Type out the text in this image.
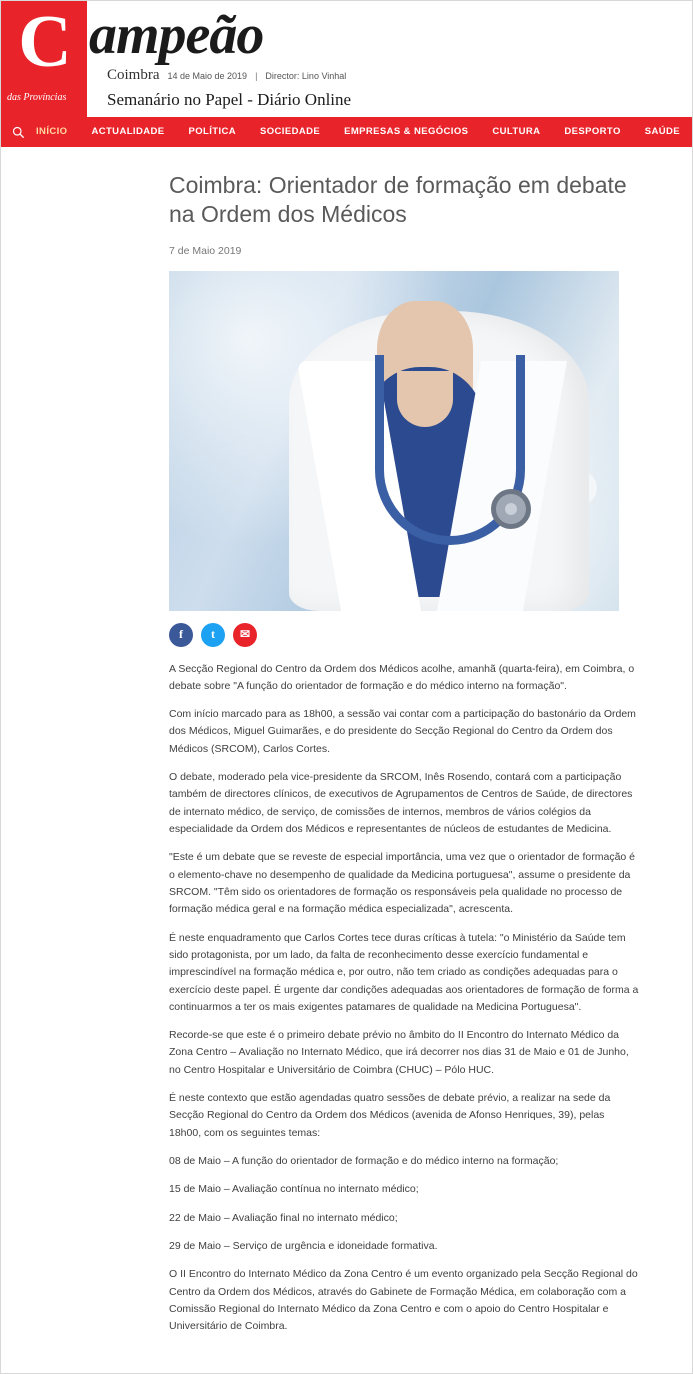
C
das Províncias
ampeão
Coimbra 14 de Maio de 2019 | Director: Lino Vinhal
Semanário no Papel - Diário Online
INÍCIO	ACTUALIDADE	POLÍTICA	SOCIEDADE	EMPRESAS & NEGÓCIOS	CULTURA	DESPORTO	SAÚDE
Coimbra: Orientador de formação em debate na Ordem dos Médicos
7 de Maio 2019
f	t	✉

A Secção Regional do Centro da Ordem dos Médicos acolhe, amanhã (quarta-feira), em Coimbra, o debate sobre "A função do orientador de formação e do médico interno na formação".

Com início marcado para as 18h00, a sessão vai contar com a participação do bastonário da Ordem dos Médicos, Miguel Guimarães, e do presidente do Secção Regional do Centro da Ordem dos Médicos (SRCOM), Carlos Cortes.

O debate, moderado pela vice-presidente da SRCOM, Inês Rosendo, contará com a participação também de directores clínicos, de executivos de Agrupamentos de Centros de Saúde, de directores de internato médico, de serviço, de comissões de internos, membros de vários colégios da especialidade da Ordem dos Médicos e representantes de núcleos de estudantes de Medicina.

"Este é um debate que se reveste de especial importância, uma vez que o orientador de formação é o elemento-chave no desempenho de qualidade da Medicina portuguesa", assume o presidente da SRCOM. "Têm sido os orientadores de formação os responsáveis pela qualidade no processo de formação médica geral e na formação médica especializada", acrescenta.

É neste enquadramento que Carlos Cortes tece duras críticas à tutela: "o Ministério da Saúde tem sido protagonista, por um lado, da falta de reconhecimento desse exercício fundamental e imprescindível na formação médica e, por outro, não tem criado as condições adequadas para o exercício deste papel. É urgente dar condições adequadas aos orientadores de formação de forma a continuarmos a ter os mais exigentes patamares de qualidade na Medicina Portuguesa".

Recorde-se que este é o primeiro debate prévio no âmbito do II Encontro do Internato Médico da Zona Centro – Avaliação no Internato Médico, que irá decorrer nos dias 31 de Maio e 01 de Junho, no Centro Hospitalar e Universitário de Coimbra (CHUC) – Pólo HUC.

É neste contexto que estão agendadas quatro sessões de debate prévio, a realizar na sede da Secção Regional do Centro da Ordem dos Médicos (avenida de Afonso Henriques, 39), pelas 18h00, com os seguintes temas:

08 de Maio – A função do orientador de formação e do médico interno na formação;

15 de Maio – Avaliação contínua no internato médico;

22 de Maio – Avaliação final no internato médico;

29 de Maio – Serviço de urgência e idoneidade formativa.

O II Encontro do Internato Médico da Zona Centro é um evento organizado pela Secção Regional do Centro da Ordem dos Médicos, através do Gabinete de Formação Médica, em colaboração com a Comissão Regional do Internato Médico da Zona Centro e com o apoio do Centro Hospitalar e Universitário de Coimbra.
